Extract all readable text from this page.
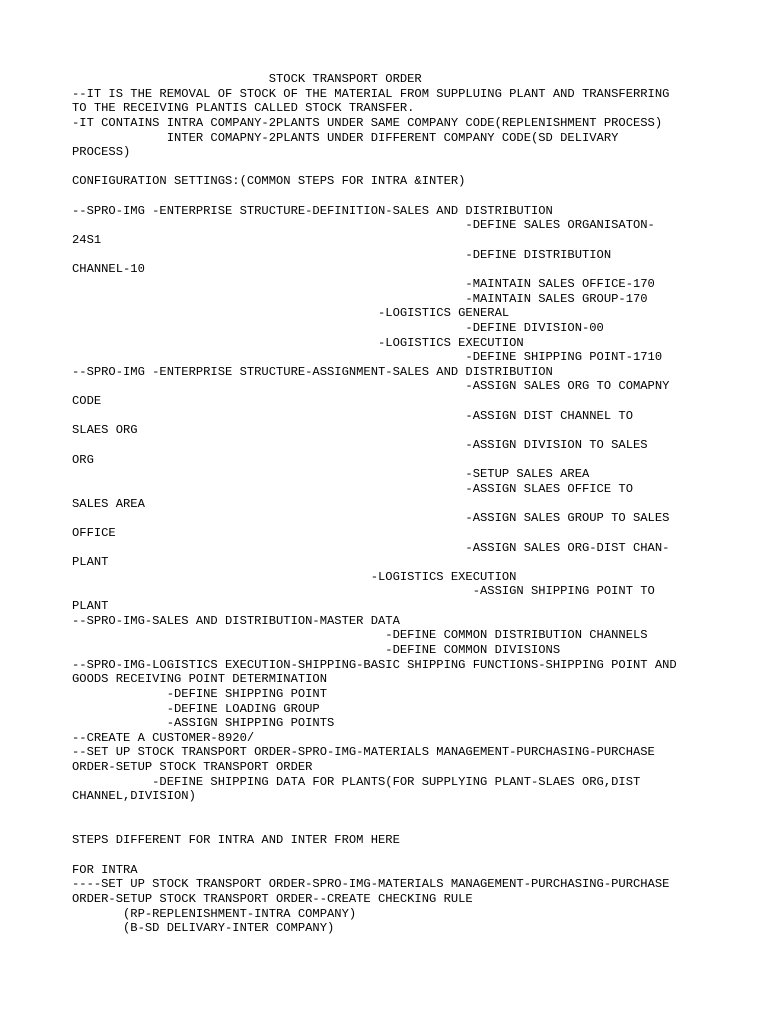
STOCK TRANSPORT ORDER
--IT IS THE REMOVAL OF STOCK OF THE MATERIAL FROM SUPPLUING PLANT AND TRANSFERRING
TO THE RECEIVING PLANTIS CALLED STOCK TRANSFER.
-IT CONTAINS INTRA COMPANY-2PLANTS UNDER SAME COMPANY CODE(REPLENISHMENT PROCESS)
INTER COMAPNY-2PLANTS UNDER DIFFERENT COMPANY CODE(SD DELIVARY
PROCESS)
CONFIGURATION SETTINGS:(COMMON STEPS FOR INTRA &INTER)
--SPRO-IMG -ENTERPRISE STRUCTURE-DEFINITION-SALES AND DISTRIBUTION
-DEFINE SALES ORGANISATON-
24S1
-DEFINE DISTRIBUTION
CHANNEL-10
-MAINTAIN SALES OFFICE-170
-MAINTAIN SALES GROUP-170
-LOGISTICS GENERAL
-DEFINE DIVISION-00
-LOGISTICS EXECUTION
-DEFINE SHIPPING POINT-1710
--SPRO-IMG -ENTERPRISE STRUCTURE-ASSIGNMENT-SALES AND DISTRIBUTION
-ASSIGN SALES ORG TO COMAPNY
CODE
-ASSIGN DIST CHANNEL TO
SLAES ORG
-ASSIGN DIVISION TO SALES
ORG
-SETUP SALES AREA
-ASSIGN SLAES OFFICE TO
SALES AREA
-ASSIGN SALES GROUP TO SALES
OFFICE
-ASSIGN SALES ORG-DIST CHAN-
PLANT
-LOGISTICS EXECUTION
-ASSIGN SHIPPING POINT TO
PLANT
--SPRO-IMG-SALES AND DISTRIBUTION-MASTER DATA
-DEFINE COMMON DISTRIBUTION CHANNELS
-DEFINE COMMON DIVISIONS
--SPRO-IMG-LOGISTICS EXECUTION-SHIPPING-BASIC SHIPPING FUNCTIONS-SHIPPING POINT AND
GOODS RECEIVING POINT DETERMINATION
-DEFINE SHIPPING POINT
-DEFINE LOADING GROUP
-ASSIGN SHIPPING POINTS
--CREATE A CUSTOMER-8920/
--SET UP STOCK TRANSPORT ORDER-SPRO-IMG-MATERIALS MANAGEMENT-PURCHASING-PURCHASE
ORDER-SETUP STOCK TRANSPORT ORDER
-DEFINE SHIPPING DATA FOR PLANTS(FOR SUPPLYING PLANT-SLAES ORG,DIST
CHANNEL,DIVISION)
STEPS DIFFERENT FOR INTRA AND INTER FROM HERE
FOR INTRA
----SET UP STOCK TRANSPORT ORDER-SPRO-IMG-MATERIALS MANAGEMENT-PURCHASING-PURCHASE
ORDER-SETUP STOCK TRANSPORT ORDER--CREATE CHECKING RULE
(RP-REPLENISHMENT-INTRA COMPANY)
(B-SD DELIVARY-INTER COMPANY)
